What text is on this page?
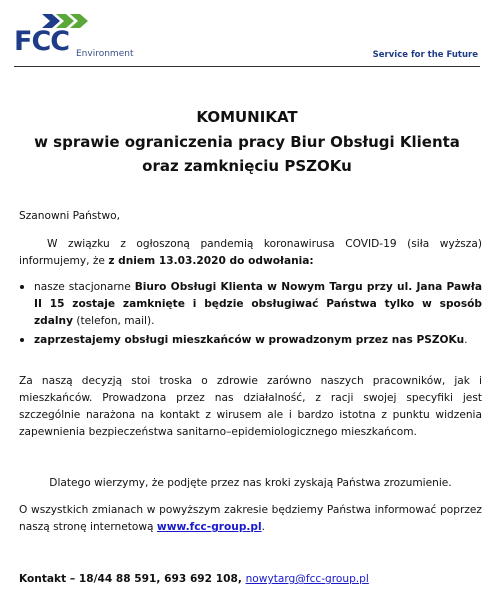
FCC Environment	Service for the Future
KOMUNIKAT
w sprawie ograniczenia pracy Biur Obsługi Klienta
oraz zamknięciu PSZOKu
Szanowni Państwo,
W związku z ogłoszoną pandemią koronawirusa COVID-19 (siła wyższa) informujemy, że z dniem 13.03.2020 do odwołania:
nasze stacjonarne Biuro Obsługi Klienta w Nowym Targu przy ul. Jana Pawła II 15 zostaje zamknięte i będzie obsługiwać Państwa tylko w sposób zdalny (telefon, mail).
zaprzestajemy obsługi mieszkańców w prowadzonym przez nas PSZOKu.
Za naszą decyzją stoi troska o zdrowie zarówno naszych pracowników, jak i mieszkańców. Prowadzona przez nas działalność, z racji swojej specyfiki jest szczególnie narażona na kontakt z wirusem ale i bardzo istotna z punktu widzenia zapewnienia bezpieczeństwa sanitarno–epidemiologicznego mieszkańcom.
Dlatego wierzymy, że podjęte przez nas kroki zyskają Państwa zrozumienie.
O wszystkich zmianach w powyższym zakresie będziemy Państwa informować poprzez naszą stronę internetową www.fcc-group.pl.
Kontakt – 18/44 88 591, 693 692 108, nowytarg@fcc-group.pl
